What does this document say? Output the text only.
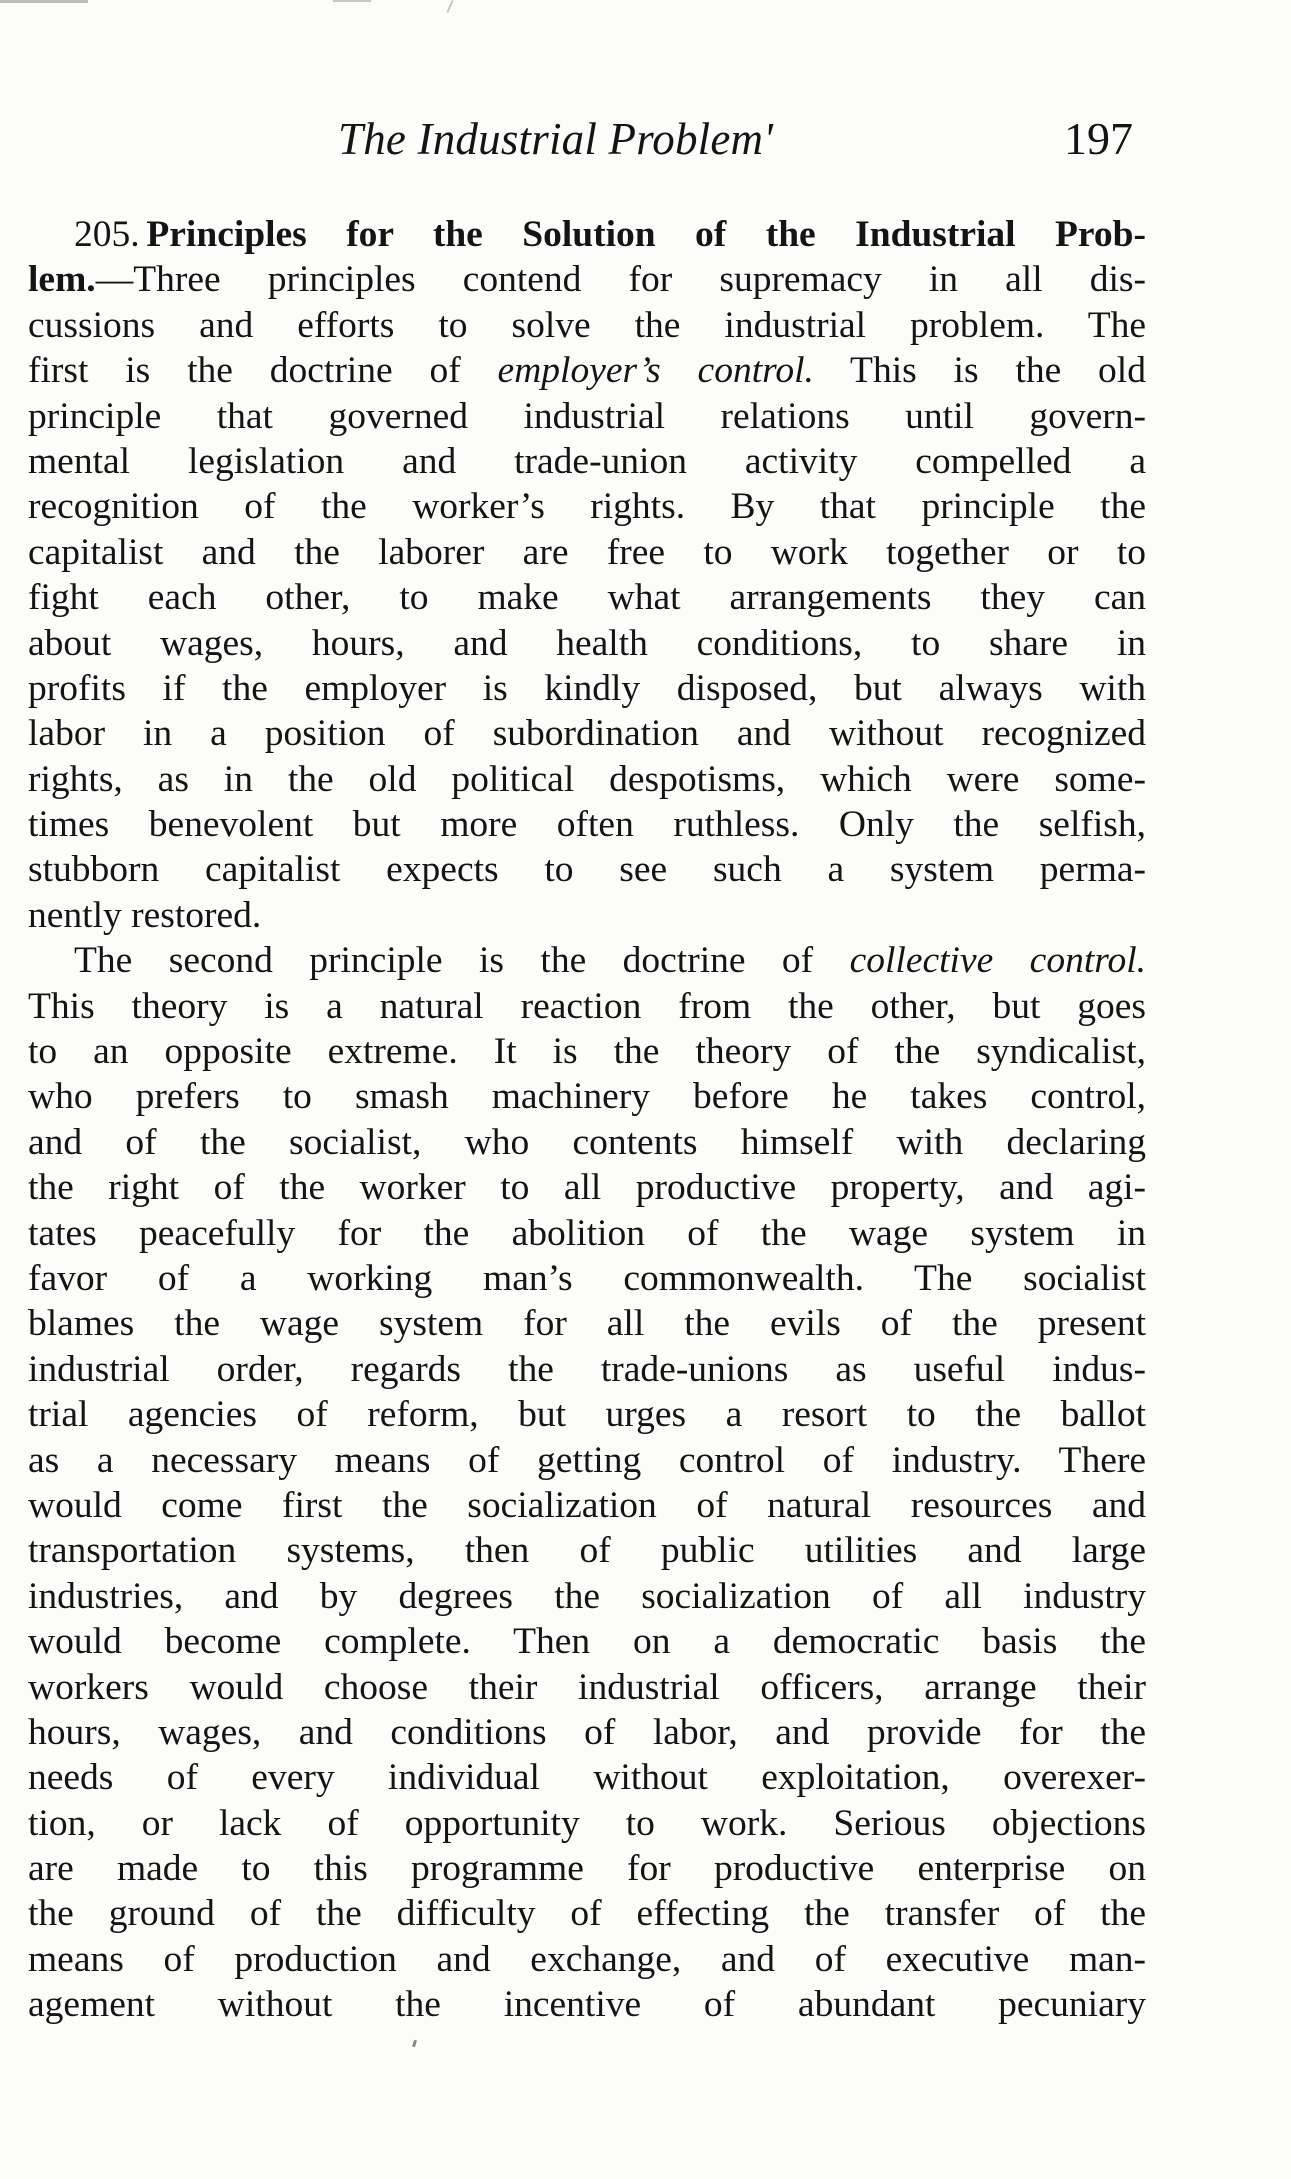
The Industrial Problem'	197
205. Principles for the Solution of the Industrial Prob-
lem.—Three principles contend for supremacy in all dis-
cussions and efforts to solve the industrial problem. The
first is the doctrine of employer’s control. This is the old
principle that governed industrial relations until govern-
mental legislation and trade-union activity compelled a
recognition of the worker’s rights. By that principle the
capitalist and the laborer are free to work together or to
fight each other, to make what arrangements they can
about wages, hours, and health conditions, to share in
profits if the employer is kindly disposed, but always with
labor in a position of subordination and without recognized
rights, as in the old political despotisms, which were some-
times benevolent but more often ruthless. Only the selfish,
stubborn capitalist expects to see such a system perma-
nently restored.
The second principle is the doctrine of collective control.
This theory is a natural reaction from the other, but goes
to an opposite extreme. It is the theory of the syndicalist,
who prefers to smash machinery before he takes control,
and of the socialist, who contents himself with declaring
the right of the worker to all productive property, and agi-
tates peacefully for the abolition of the wage system in
favor of a working man’s commonwealth. The socialist
blames the wage system for all the evils of the present
industrial order, regards the trade-unions as useful indus-
trial agencies of reform, but urges a resort to the ballot
as a necessary means of getting control of industry. There
would come first the socialization of natural resources and
transportation systems, then of public utilities and large
industries, and by degrees the socialization of all industry
would become complete. Then on a democratic basis the
workers would choose their industrial officers, arrange their
hours, wages, and conditions of labor, and provide for the
needs of every individual without exploitation, overexer-
tion, or lack of opportunity to work. Serious objections
are made to this programme for productive enterprise on
the ground of the difficulty of effecting the transfer of the
means of production and exchange, and of executive man-
agement without the incentive of abundant pecuniary
